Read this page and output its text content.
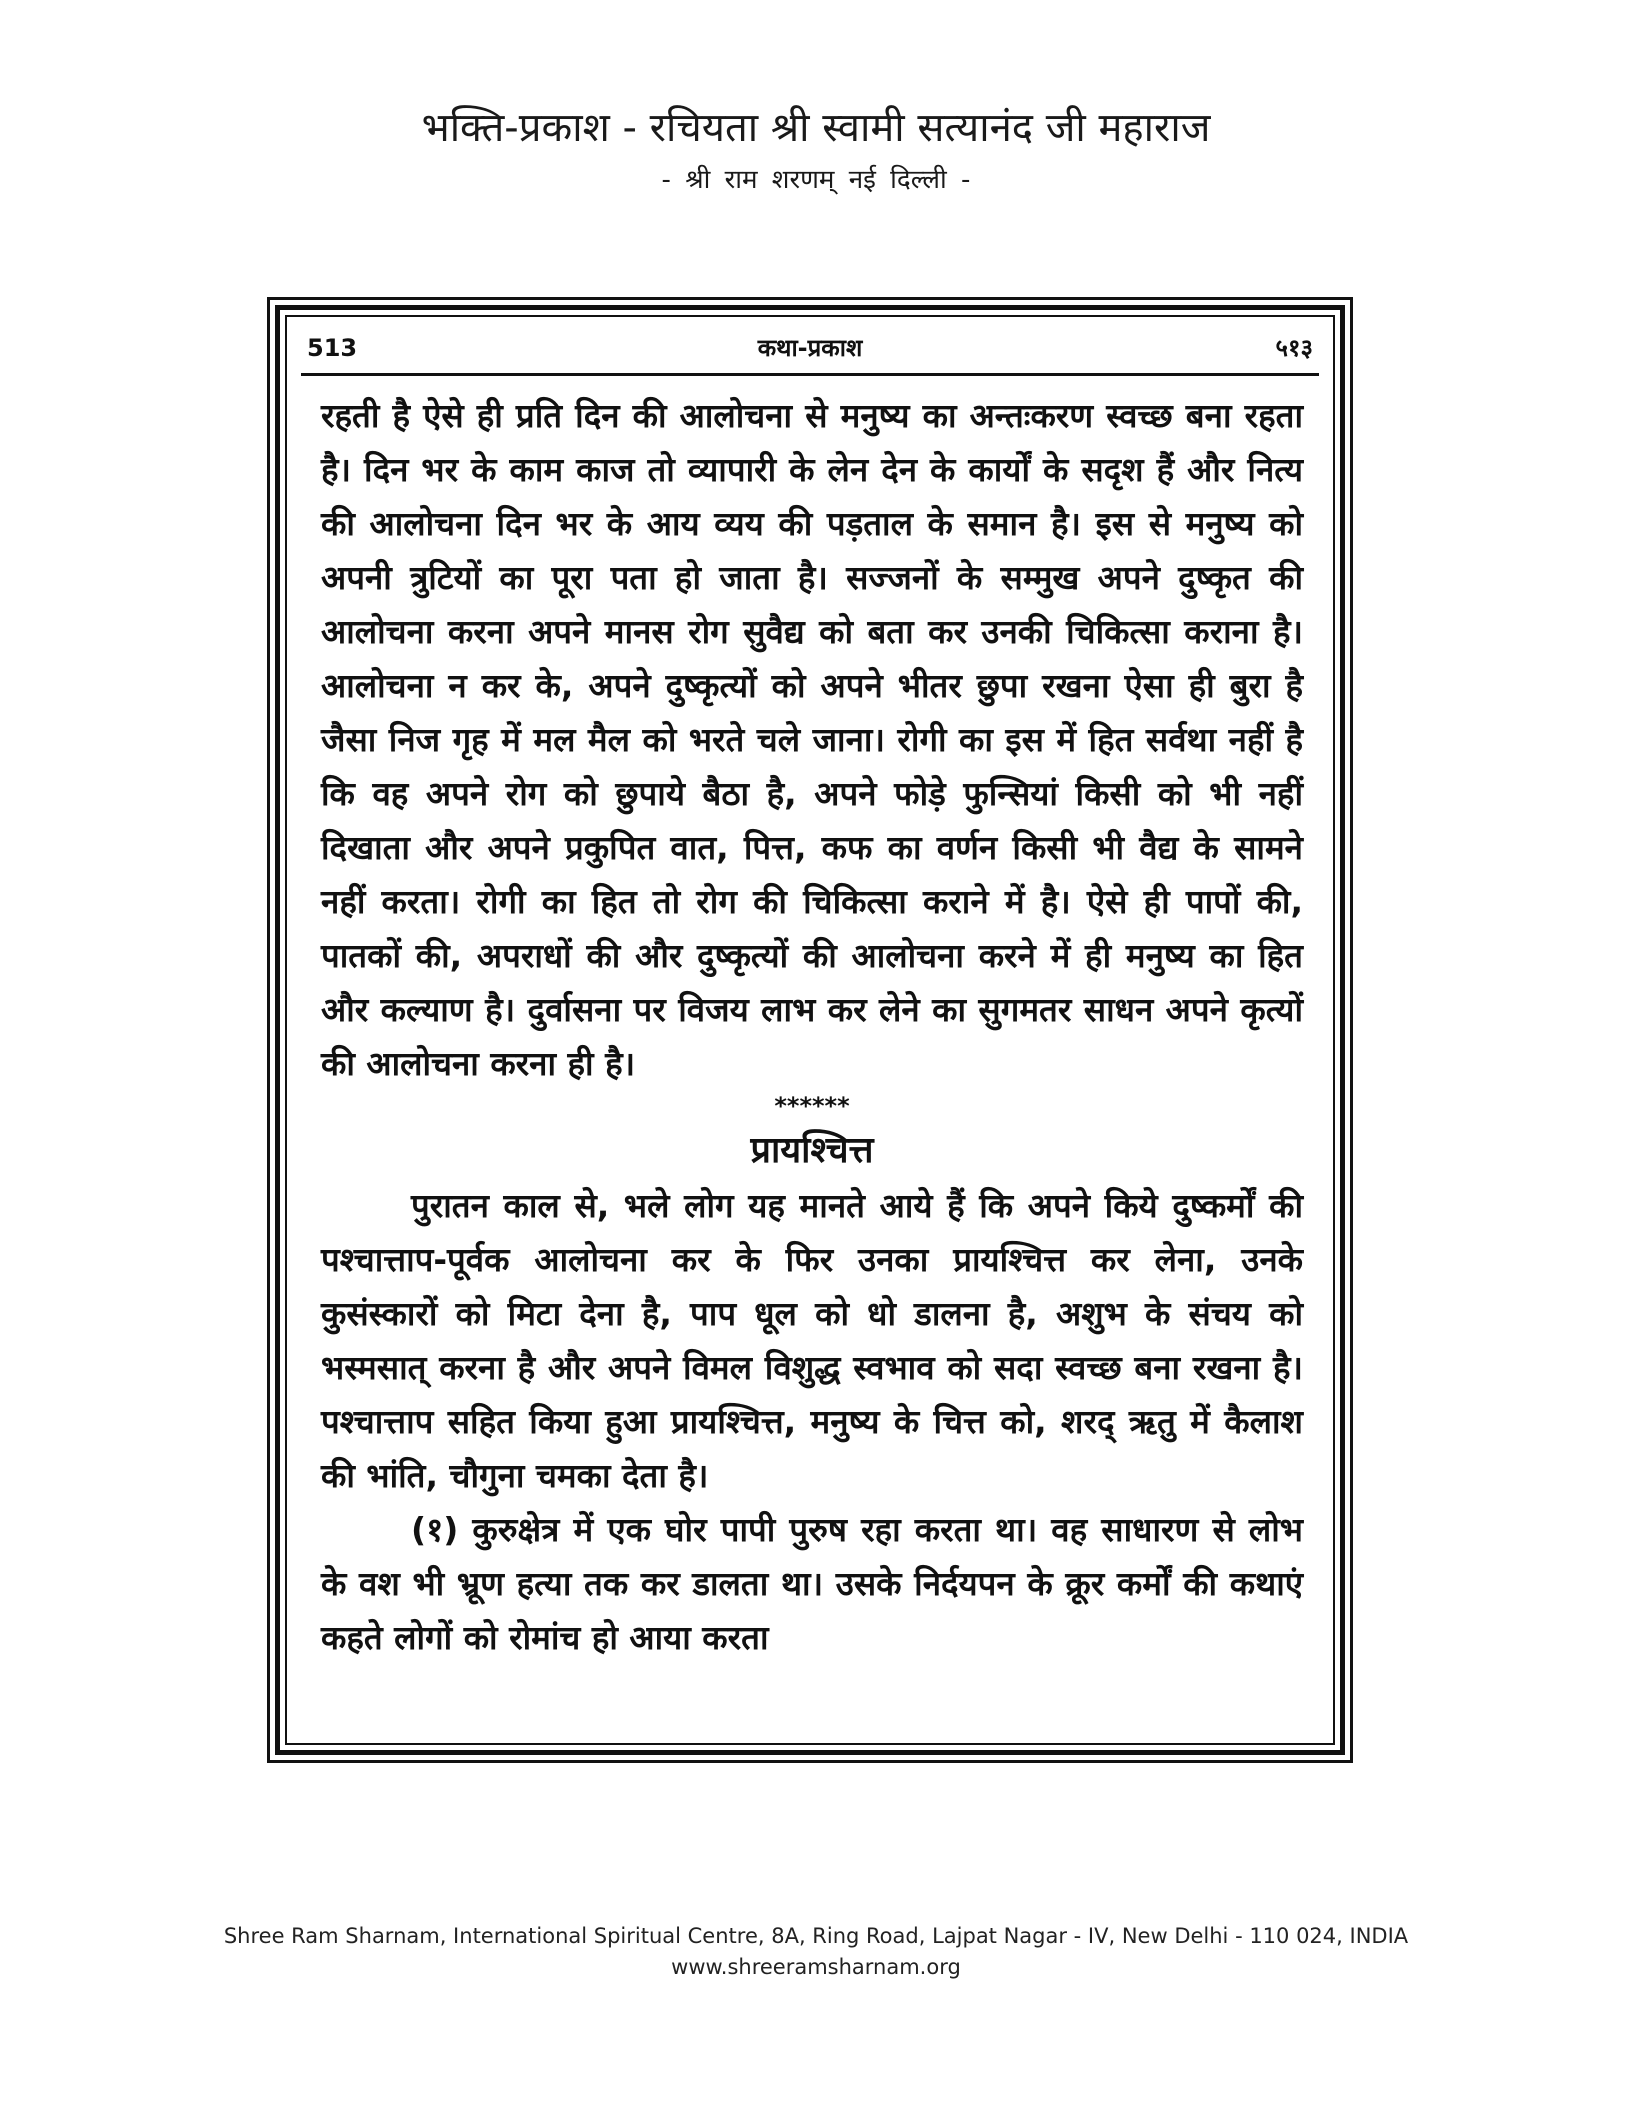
भक्ति-प्रकाश - रचियता श्री स्वामी सत्यानंद जी महाराज
- श्री राम शरणम् नई दिल्ली -
कथा-प्रकाश
513	५१३

रहती है ऐसे ही प्रति दिन की आलोचना से मनुष्य का अन्तःकरण स्वच्छ बना रहता है। दिन भर के काम काज तो व्यापारी के लेन देन के कार्यों के सदृश हैं और नित्य की आलोचना दिन भर के आय व्यय की पड़ताल के समान है। इस से मनुष्य को अपनी त्रुटियों का पूरा पता हो जाता है। सज्जनों के सम्मुख अपने दुष्कृत की आलोचना करना अपने मानस रोग सुवैद्य को बता कर उनकी चिकित्सा कराना है। आलोचना न कर के, अपने दुष्कृत्यों को अपने भीतर छुपा रखना ऐसा ही बुरा है जैसा निज गृह में मल मैल को भरते चले जाना। रोगी का इस में हित सर्वथा नहीं है कि वह अपने रोग को छुपाये बैठा है, अपने फोड़े फुन्सियां किसी को भी नहीं दिखाता और अपने प्रकुपित वात, पित्त, कफ का वर्णन किसी भी वैद्य के सामने नहीं करता। रोगी का हित तो रोग की चिकित्सा कराने में है। ऐसे ही पापों की, पातकों की, अपराधों की और दुष्कृत्यों की आलोचना करने में ही मनुष्य का हित और कल्याण है। दुर्वासना पर विजय लाभ कर लेने का सुगमतर साधन अपने कृत्यों की आलोचना करना ही है।

******

प्रायश्चित्त

पुरातन काल से, भले लोग यह मानते आये हैं कि अपने किये दुष्कर्मों की पश्चात्ताप-पूर्वक आलोचना कर के फिर उनका प्रायश्चित्त कर लेना, उनके कुसंस्कारों को मिटा देना है, पाप धूल को धो डालना है, अशुभ के संचय को भस्मसात् करना है और अपने विमल विशुद्ध स्वभाव को सदा स्वच्छ बना रखना है। पश्चात्ताप सहित किया हुआ प्रायश्चित्त, मनुष्य के चित्त को, शरद् ऋतु में कैलाश की भांति, चौगुना चमका देता है।

(१) कुरुक्षेत्र में एक घोर पापी पुरुष रहा करता था। वह साधारण से लोभ के वश भी भ्रूण हत्या तक कर डालता था। उसके निर्दयपन के क्रूर कर्मों की कथाएं कहते लोगों को रोमांच हो आया करता

Shree Ram Sharnam, International Spiritual Centre, 8A, Ring Road, Lajpat Nagar - IV, New Delhi - 110 024, INDIA
www.shreeramsharnam.org
